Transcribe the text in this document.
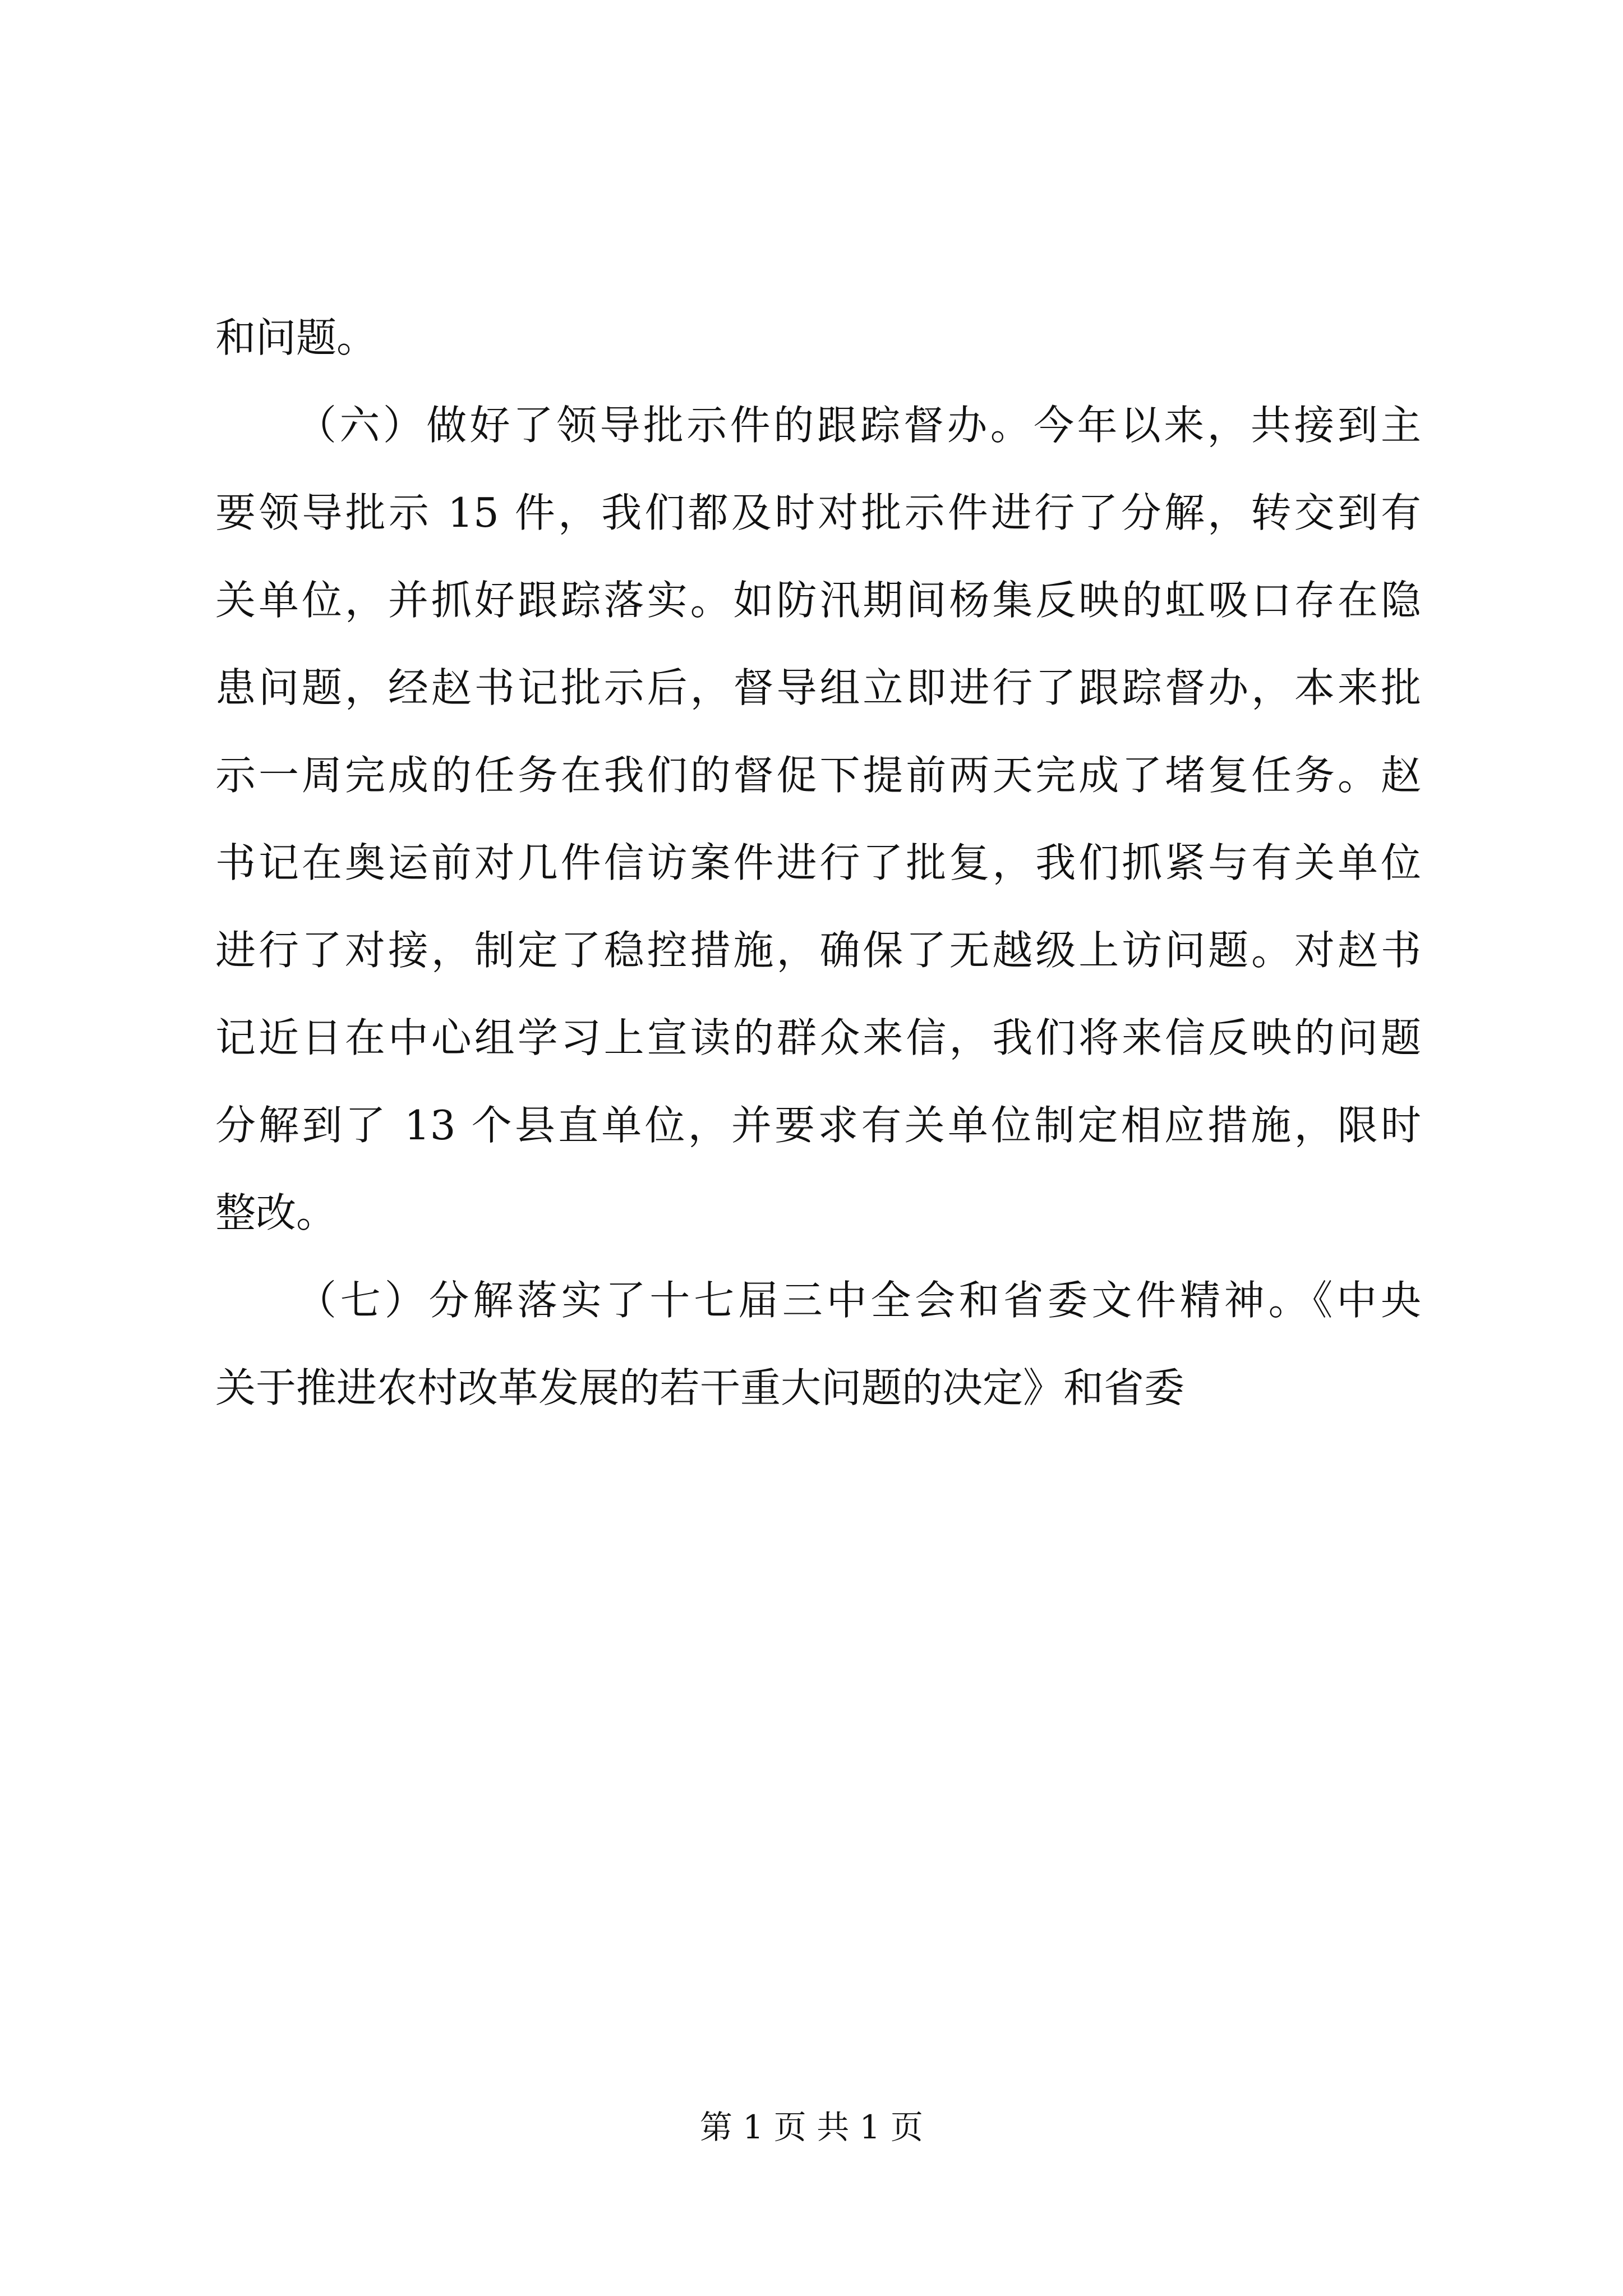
和问题。
（六）做好了领导批示件的跟踪督办。今年以来，共接到主
要领导批示 15 件，我们都及时对批示件进行了分解，转交到有
关单位，并抓好跟踪落实。如防汛期间杨集反映的虹吸口存在隐
患问题，经赵书记批示后，督导组立即进行了跟踪督办，本来批
示一周完成的任务在我们的督促下提前两天完成了堵复任务。赵
书记在奥运前对几件信访案件进行了批复，我们抓紧与有关单位
进行了对接，制定了稳控措施，确保了无越级上访问题。对赵书
记近日在中心组学习上宣读的群众来信，我们将来信反映的问题
分解到了 13 个县直单位，并要求有关单位制定相应措施，限时
整改。
（七）分解落实了十七届三中全会和省委文件精神。《中央
关于推进农村改革发展的若干重大问题的决定》和省委
第 1 页 共 1 页
